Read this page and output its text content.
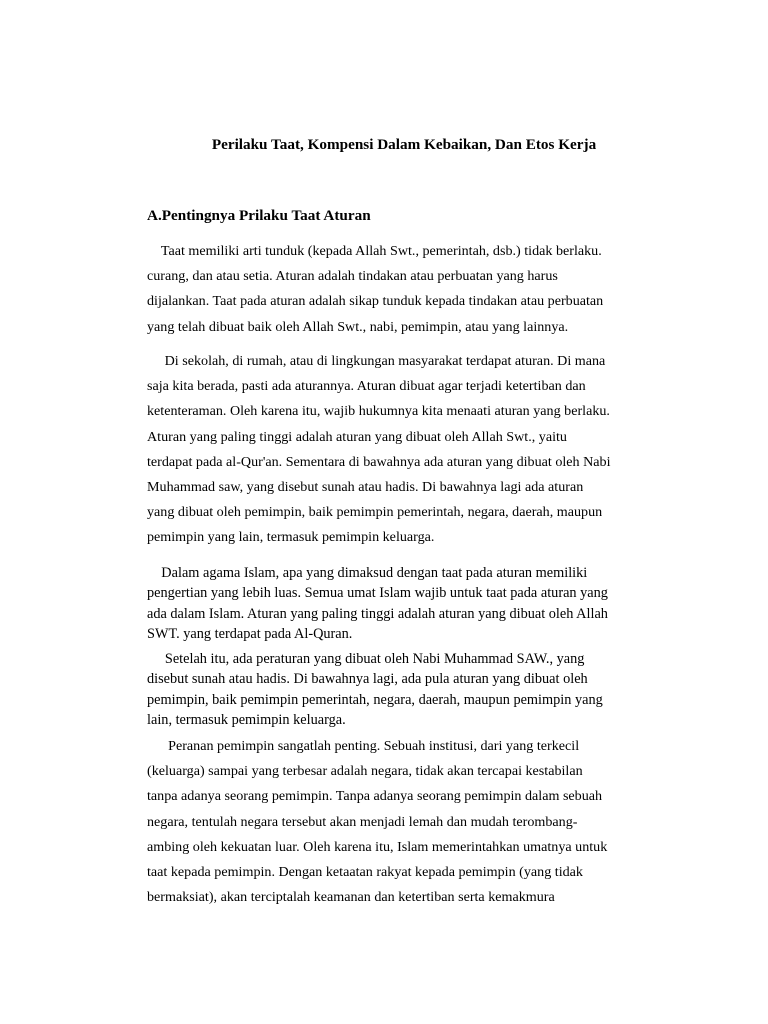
Perilaku Taat, Kompensi Dalam Kebaikan, Dan Etos Kerja
A.Pentingnya Prilaku Taat Aturan

Taat memiliki arti tunduk (kepada Allah Swt., pemerintah, dsb.) tidak berlaku.
curang, dan atau setia. Aturan adalah tindakan atau perbuatan yang harus
dijalankan. Taat pada aturan adalah sikap tunduk kepada tindakan atau perbuatan
yang telah dibuat baik oleh Allah Swt., nabi, pemimpin, atau yang lainnya.

Di sekolah, di rumah, atau di lingkungan masyarakat terdapat aturan. Di mana
saja kita berada, pasti ada aturannya. Aturan dibuat agar terjadi ketertiban dan
ketenteraman. Oleh karena itu, wajib hukumnya kita menaati aturan yang berlaku.
Aturan yang paling tinggi adalah aturan yang dibuat oleh Allah Swt., yaitu
terdapat pada al-Qur'an. Sementara di bawahnya ada aturan yang dibuat oleh Nabi
Muhammad saw, yang disebut sunah atau hadis. Di bawahnya lagi ada aturan
yang dibuat oleh pemimpin, baik pemimpin pemerintah, negara, daerah, maupun
pemimpin yang lain, termasuk pemimpin keluarga.

Dalam agama Islam, apa yang dimaksud dengan taat pada aturan memiliki
pengertian yang lebih luas. Semua umat Islam wajib untuk taat pada aturan yang
ada dalam Islam. Aturan yang paling tinggi adalah aturan yang dibuat oleh Allah
SWT. yang terdapat pada Al-Quran.

Setelah itu, ada peraturan yang dibuat oleh Nabi Muhammad SAW., yang
disebut sunah atau hadis. Di bawahnya lagi, ada pula aturan yang dibuat oleh
pemimpin, baik pemimpin pemerintah, negara, daerah, maupun pemimpin yang
lain, termasuk pemimpin keluarga.

Peranan pemimpin sangatlah penting. Sebuah institusi, dari yang terkecil
(keluarga) sampai yang terbesar adalah negara, tidak akan tercapai kestabilan
tanpa adanya seorang pemimpin. Tanpa adanya seorang pemimpin dalam sebuah
negara, tentulah negara tersebut akan menjadi lemah dan mudah terombang-
ambing oleh kekuatan luar. Oleh karena itu, Islam memerintahkan umatnya untuk
taat kepada pemimpin. Dengan ketaatan rakyat kepada pemimpin (yang tidak
bermaksiat), akan terciptalah keamanan dan ketertiban serta kemakmura
